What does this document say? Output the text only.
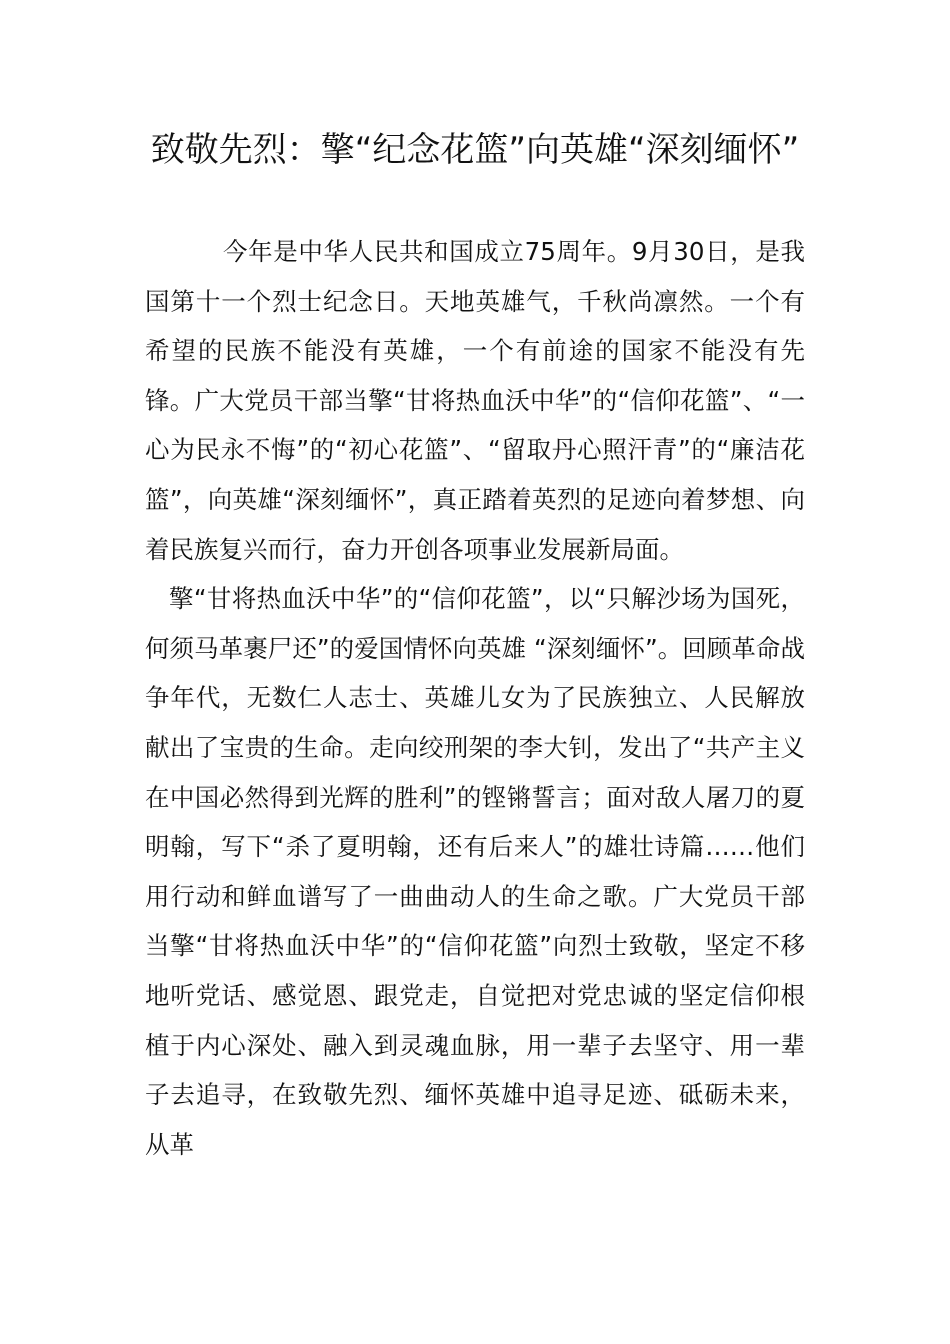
致敬先烈：擎“纪念花篮”向英雄“深刻缅怀”

今年是中华人民共和国成立75周年。9月30日，是我国第十一个烈士纪念日。天地英雄气，千秋尚凛然。一个有希望的民族不能没有英雄，一个有前途的国家不能没有先锋。广大党员干部当擎“甘将热血沃中华”的“信仰花篮”、“一心为民永不悔”的“初心花篮”、“留取丹心照汗青”的“廉洁花篮”，向英雄“深刻缅怀”，真正踏着英烈的足迹向着梦想、向着民族复兴而行，奋力开创各项事业发展新局面。

擎“甘将热血沃中华”的“信仰花篮”，以“只解沙场为国死，何须马革裹尸还”的爱国情怀向英雄 “深刻缅怀”。回顾革命战争年代，无数仁人志士、英雄儿女为了民族独立、人民解放献出了宝贵的生命。走向绞刑架的李大钊，发出了“共产主义在中国必然得到光辉的胜利”的铿锵誓言；面对敌人屠刀的夏明翰，写下“杀了夏明翰，还有后来人”的雄壮诗篇……他们用行动和鲜血谱写了一曲曲动人的生命之歌。广大党员干部当擎“甘将热血沃中华”的“信仰花篮”向烈士致敬，坚定不移地听党话、感觉恩、跟党走，自觉把对党忠诚的坚定信仰根植于内心深处、融入到灵魂血脉，用一辈子去坚守、用一辈子去追寻，在致敬先烈、缅怀英雄中追寻足迹、砥砺未来，从革
